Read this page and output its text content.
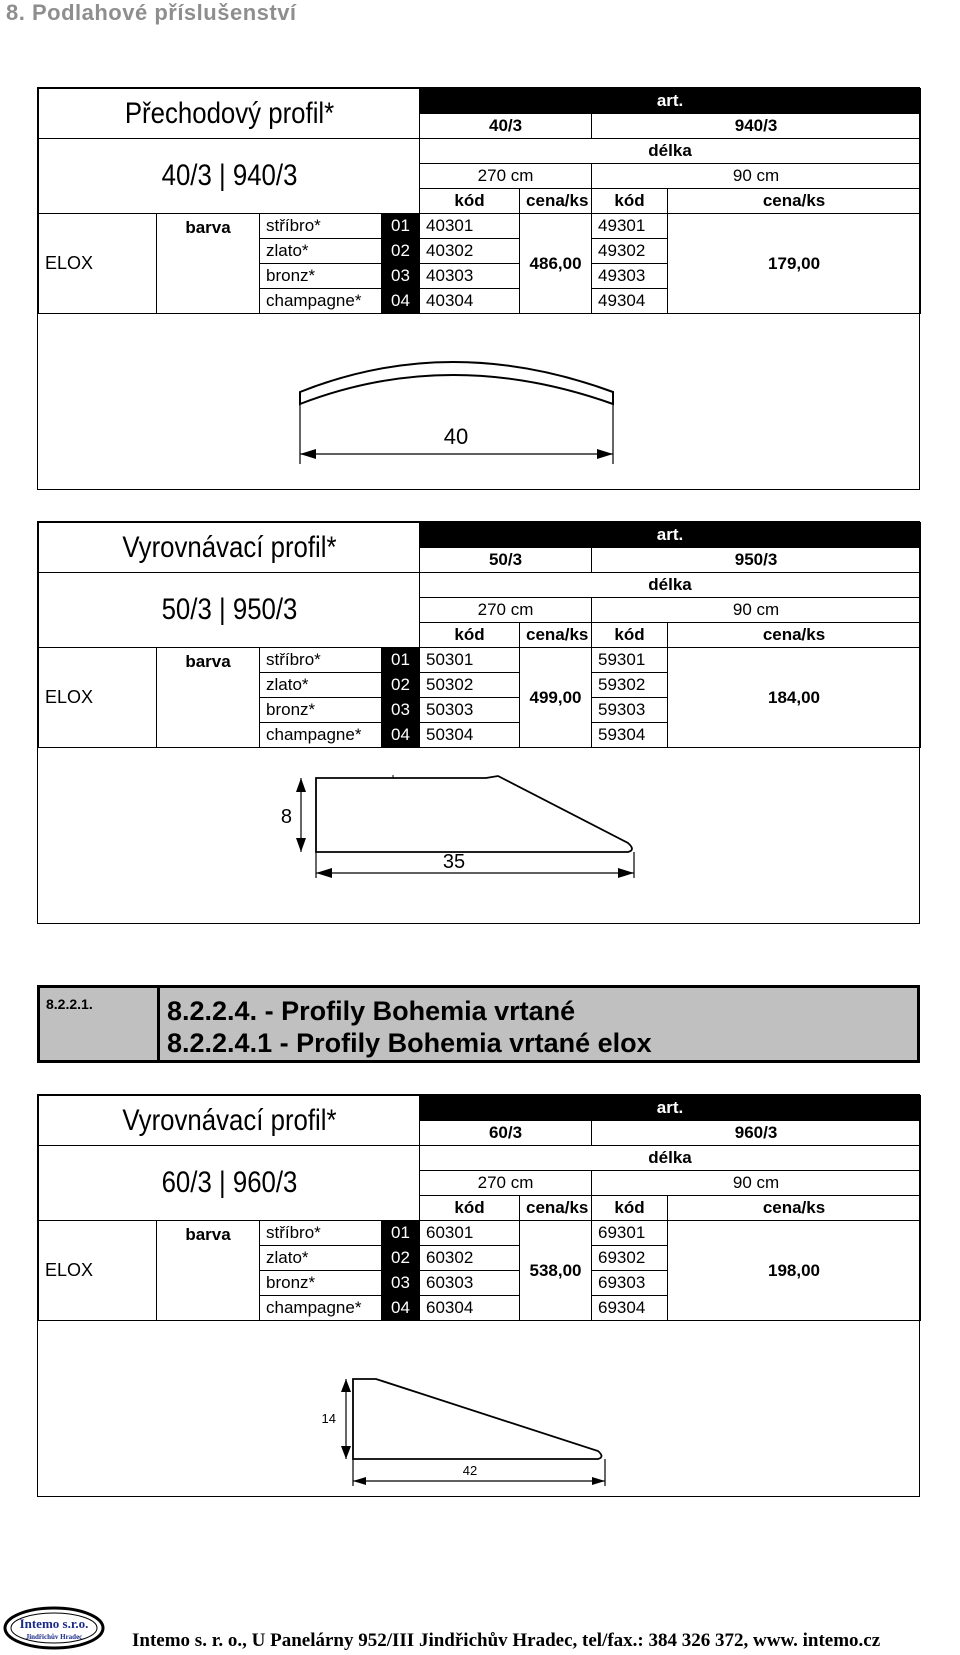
8. Podlahové příslušenství
Přechodový profil*				art.			
				40/3		940/3	
40/3 | 940/3				délka			
				270 cm		90 cm	
				kód	cena/ks	kód	cena/ks
ELOX	barva	stříbro*	01	40301	486,00	49301	179,00
		zlato*	02	40302		49302	
		bronz*	03	40303		49303	
		champagne*	04	40304		49304	
40
Vyrovnávací profil*				art.			
				50/3		950/3	
50/3 | 950/3				délka			
				270 cm		90 cm	
				kód	cena/ks	kód	cena/ks
ELOX	barva	stříbro*	01	50301	499,00	59301	184,00
		zlato*	02	50302		59302	
		bronz*	03	50303		59303	
		champagne*	04	50304		59304	
8
35
Vyrovnávací profil*				art.			
				60/3		960/3	
60/3 | 960/3				délka			
				270 cm		90 cm	
				kód	cena/ks	kód	cena/ks
ELOX	barva	stříbro*	01	60301	538,00	69301	198,00
		zlato*	02	60302		69302	
		bronz*	03	60303		69303	
		champagne*	04	60304		69304	
14
42
8.2.2.1.	8.2.2.4. - Profily Bohemia vrtané
8.2.2.4.1 - Profily Bohemia vrtané elox
Intemo s.r.o.
Jindřichův Hradec	Intemo s. r. o., U Panelárny 952/III Jindřichův Hradec, tel/fax.: 384 326 372, www. intemo.cz
